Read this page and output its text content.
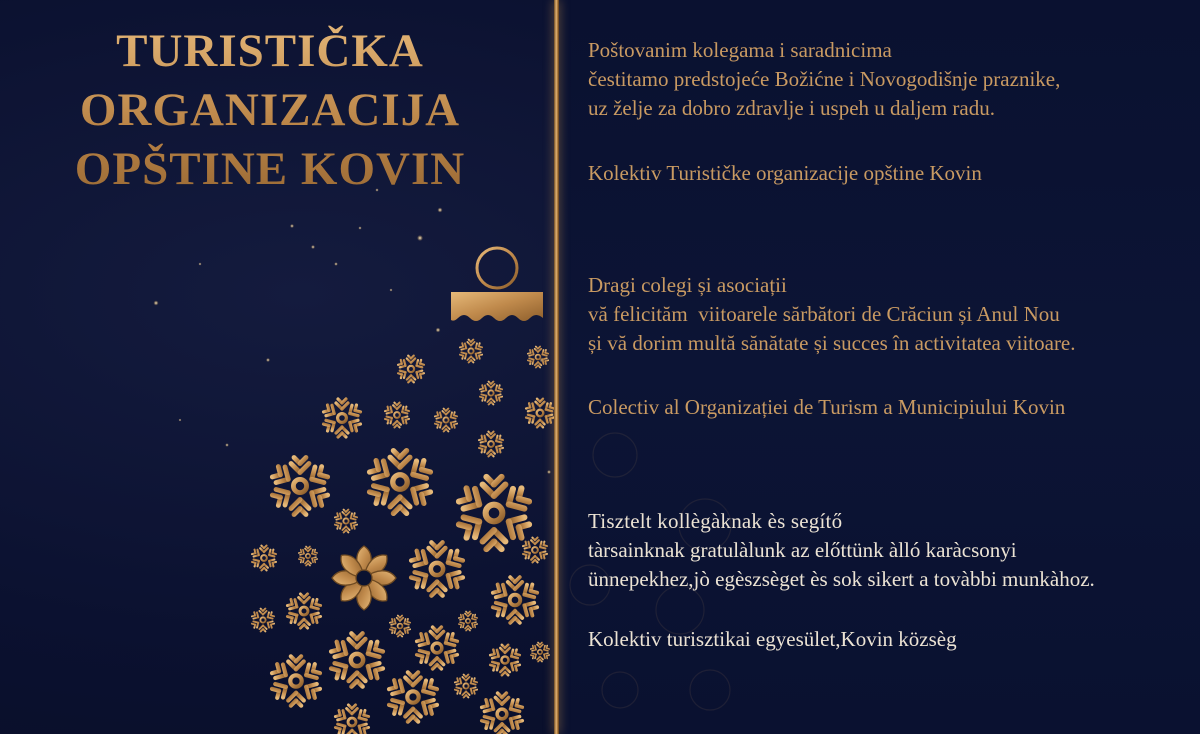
TURISTIČKA
ORGANIZACIJA
OPŠTINE KOVIN
Poštovanim kolegama i saradnicima
čestitamo predstojeće Božićne i Novogodišnje praznike,
uz želje za dobro zdravlje i uspeh u daljem radu.
Kolektiv Turističke organizacije opštine Kovin
Dragi colegi și asociații
vă felicităm  viitoarele sărbători de Crăciun și Anul Nou
și vă dorim multă sănătate și succes în activitatea viitoare.
Colectiv al Organizației de Turism a Municipiului Kovin
Tisztelt kollègàknak ès segítő
tàrsainknak gratulàlunk az előttünk àlló karàcsonyi
ünnepekhez,jò egèszsèget ès sok sikert a tovàbbi munkàhoz.
Kolektiv turisztikai egyesület,Kovin kӧzsèg
